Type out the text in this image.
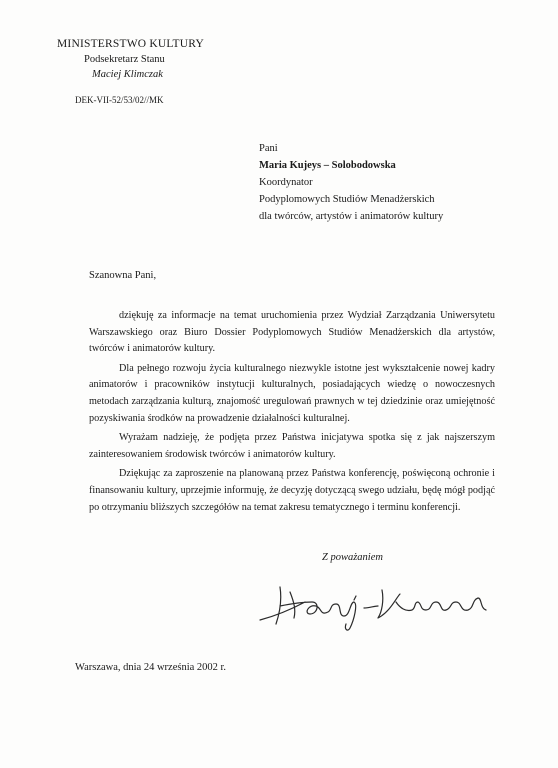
MINISTERSTWO KULTURY
Podsekretarz Stanu
Maciej Klimczak
DEK-VII-52/53/02//MK
Pani
Maria Kujeys – Solobodowska
Koordynator
Podyplomowych Studiów Menadżerskich
dla twórców, artystów i animatorów kultury
Szanowna Pani,

dziękuję za informacje na temat uruchomienia przez Wydział Zarządzania Uniwersytetu Warszawskiego oraz Biuro Dossier Podyplomowych Studiów Menadżerskich dla artystów, twórców i animatorów kultury.

Dla pełnego rozwoju życia kulturalnego niezwykle istotne jest wykształcenie nowej kadry animatorów i pracowników instytucji kulturalnych, posiadających wiedzę o nowoczesnych metodach zarządzania kulturą, znajomość uregulowań prawnych w tej dziedzinie oraz umiejętność pozyskiwania środków na prowadzenie działalności kulturalnej.

Wyrażam nadzieję, że podjęta przez Państwa inicjatywa spotka się z jak najszerszym zainteresowaniem środowisk twórców i animatorów kultury.

Dziękując za zaproszenie na planowaną przez Państwa konferencję, poświęconą ochronie i finansowaniu kultury, uprzejmie informuję, że decyzję dotyczącą swego udziału, będę mógł podjąć po otrzymaniu bliższych szczegółów na temat zakresu tematycznego i terminu konferencji.

Z poważaniem
Warszawa, dnia 24 września 2002 r.
